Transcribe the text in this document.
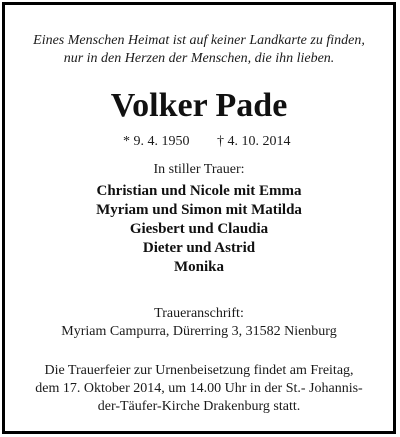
Eines Menschen Heimat ist auf keiner Landkarte zu finden,
nur in den Herzen der Menschen, die ihn lieben.
Volker Pade
* 9. 4. 1950 † 4. 10. 2014
In stiller Trauer:
Christian und Nicole mit Emma
Myriam und Simon mit Matilda
Giesbert und Claudia
Dieter und Astrid
Monika
Traueranschrift:
Myriam Campurra, Dürerring 3, 31582 Nienburg
Die Trauerfeier zur Urnenbeisetzung findet am Freitag,
dem 17. Oktober 2014, um 14.00 Uhr in der St.- Johannis-
der-Täufer-Kirche Drakenburg statt.
